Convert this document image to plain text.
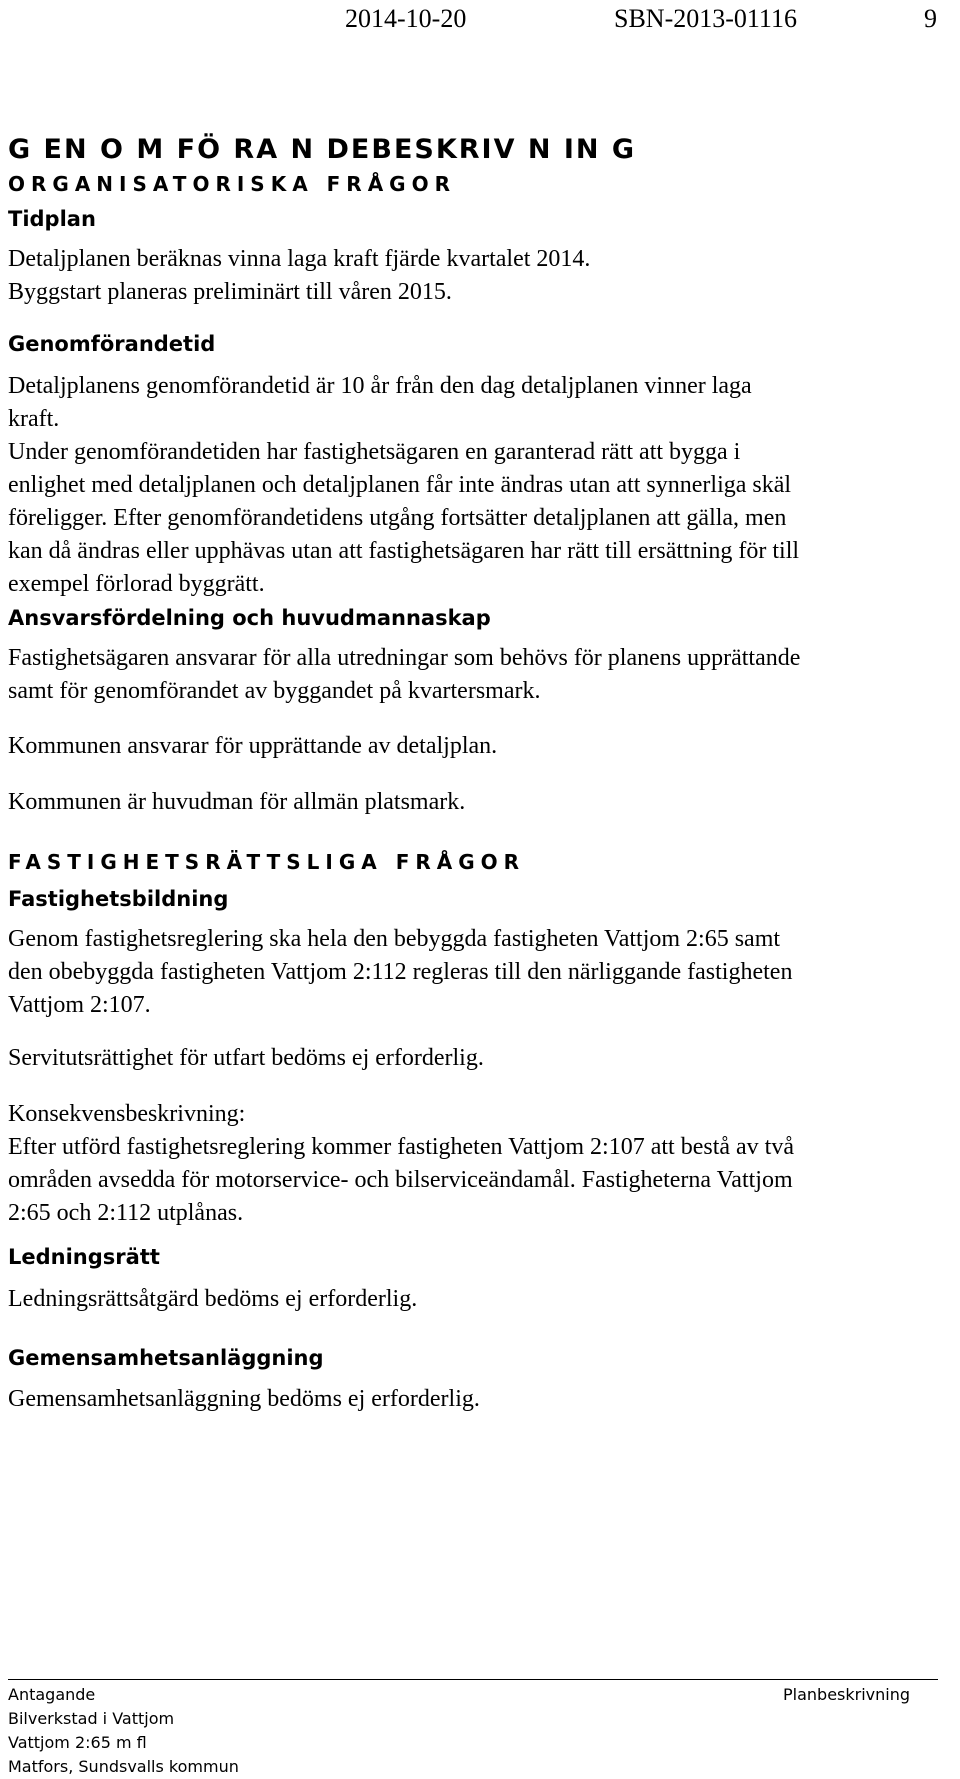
2014-10-20	SBN-2013-01116	9
G EN O M FÖ RA N DEBESKRIV N IN G
ORGANISATORISKA FRÅGOR
Tidplan
Detaljplanen beräknas vinna laga kraft fjärde kvartalet 2014.
Byggstart planeras preliminärt till våren 2015.
Genomförandetid
Detaljplanens genomförandetid är 10 år från den dag detaljplanen vinner laga
kraft.
Under genomförandetiden har fastighetsägaren en garanterad rätt att bygga i
enlighet med detaljplanen och detaljplanen får inte ändras utan att synnerliga skäl
föreligger. Efter genomförandetidens utgång fortsätter detaljplanen att gälla, men
kan då ändras eller upphävas utan att fastighetsägaren har rätt till ersättning för till
exempel förlorad byggrätt.
Ansvarsfördelning och huvudmannaskap
Fastighetsägaren ansvarar för alla utredningar som behövs för planens upprättande
samt för genomförandet av byggandet på kvartersmark.
Kommunen ansvarar för upprättande av detaljplan.
Kommunen är huvudman för allmän platsmark.
FASTIGHETSRÄTTSLIGA FRÅGOR
Fastighetsbildning
Genom fastighetsreglering ska hela den bebyggda fastigheten Vattjom 2:65 samt
den obebyggda fastigheten Vattjom 2:112 regleras till den närliggande fastigheten
Vattjom 2:107.
Servitutsrättighet för utfart bedöms ej erforderlig.
Konsekvensbeskrivning:
Efter utförd fastighetsreglering kommer fastigheten Vattjom 2:107 att bestå av två
områden avsedda för motorservice- och bilserviceändamål. Fastigheterna Vattjom
2:65 och 2:112 utplånas.
Ledningsrätt
Ledningsrättsåtgärd bedöms ej erforderlig.
Gemensamhetsanläggning
Gemensamhetsanläggning bedöms ej erforderlig.
Antagande
Bilverkstad i Vattjom
Vattjom 2:65 m fl
Matfors, Sundsvalls kommun
Planbeskrivning
